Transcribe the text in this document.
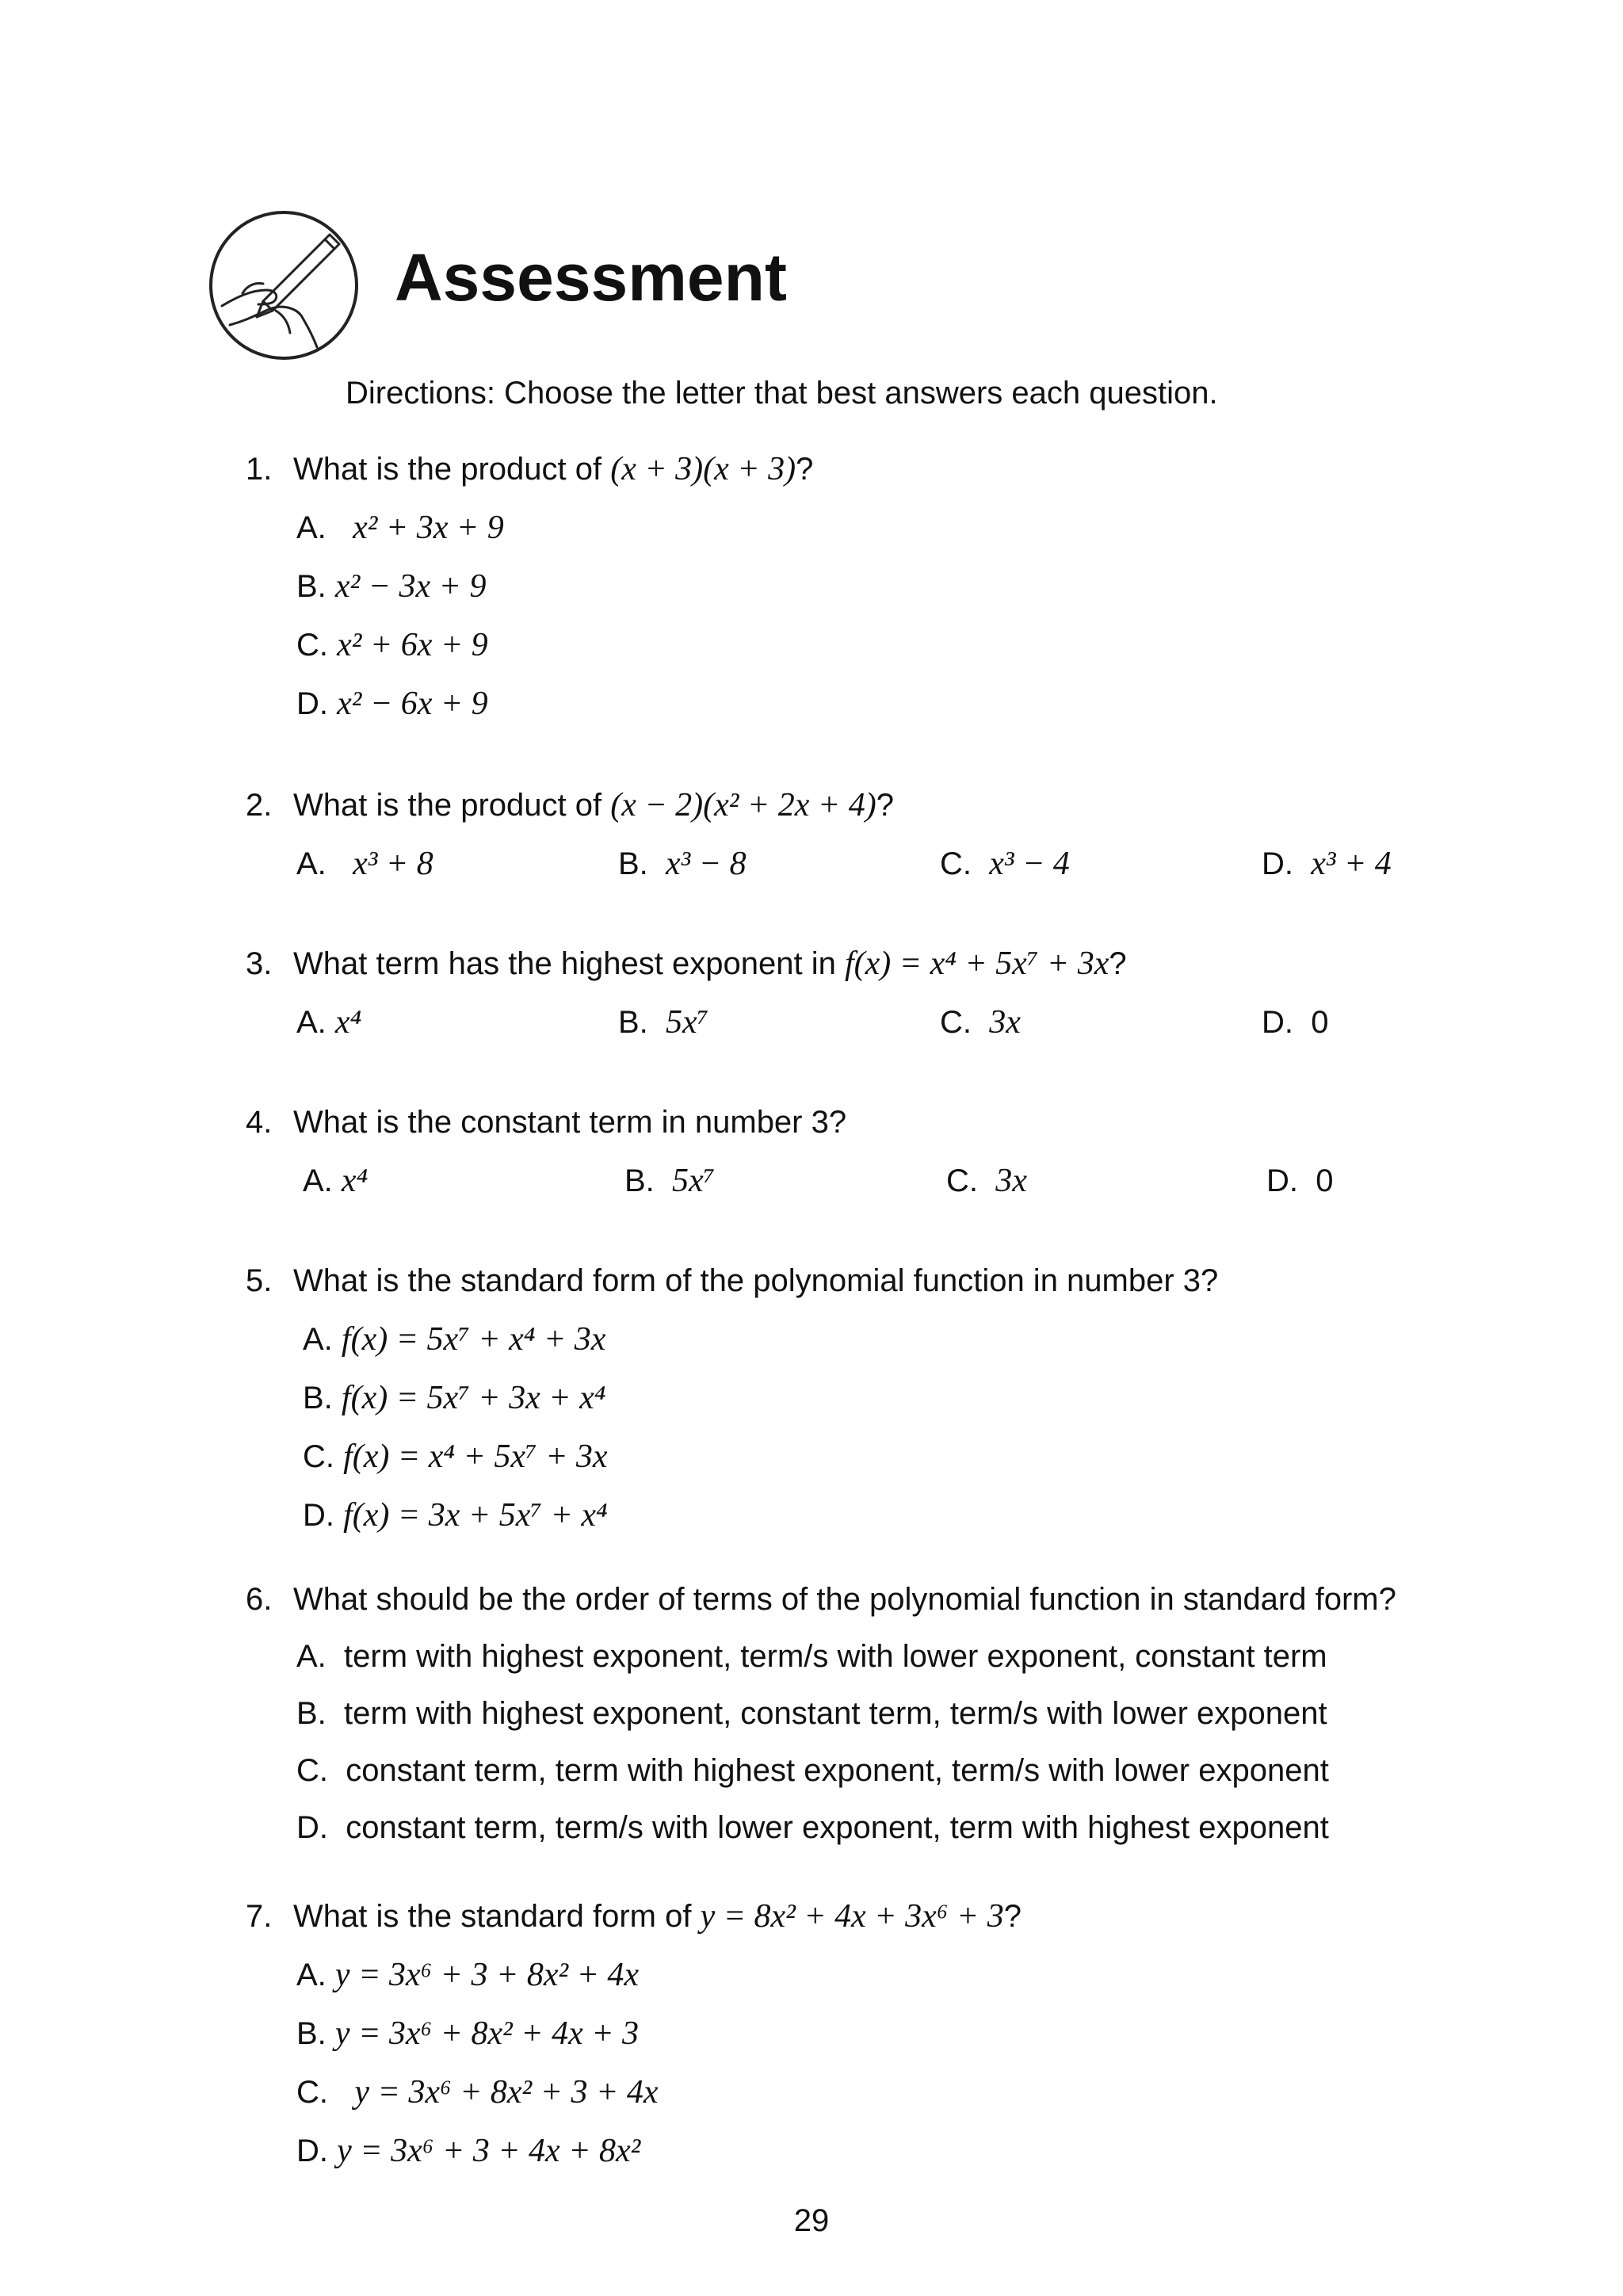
Assessment
Directions: Choose the letter that best answers each question.
1. What is the product of (x + 3)(x + 3)?
A. x² + 3x + 9
B. x² − 3x + 9
C. x² + 6x + 9
D. x² − 6x + 9
2. What is the product of (x − 2)(x² + 2x + 4)?
A. x³ + 8	B. x³ − 8	C. x³ − 4	D. x³ + 4
3. What term has the highest exponent in f(x) = x⁴ + 5x⁷ + 3x?
A. x⁴	B. 5x⁷	C. 3x	D. 0
4. What is the constant term in number 3?
A. x⁴	B. 5x⁷	C. 3x	D. 0
5. What is the standard form of the polynomial function in number 3?
A. f(x) = 5x⁷ + x⁴ + 3x
B. f(x) = 5x⁷ + 3x + x⁴
C. f(x) = x⁴ + 5x⁷ + 3x
D. f(x) = 3x + 5x⁷ + x⁴
6. What should be the order of terms of the polynomial function in standard form?
A. term with highest exponent, term/s with lower exponent, constant term
B. term with highest exponent, constant term, term/s with lower exponent
C. constant term, term with highest exponent, term/s with lower exponent
D. constant term, term/s with lower exponent, term with highest exponent
7. What is the standard form of y = 8x² + 4x + 3x⁶ + 3?
A. y = 3x⁶ + 3 + 8x² + 4x
B. y = 3x⁶ + 8x² + 4x + 3
C. y = 3x⁶ + 8x² + 3 + 4x
D. y = 3x⁶ + 3 + 4x + 8x²
29
